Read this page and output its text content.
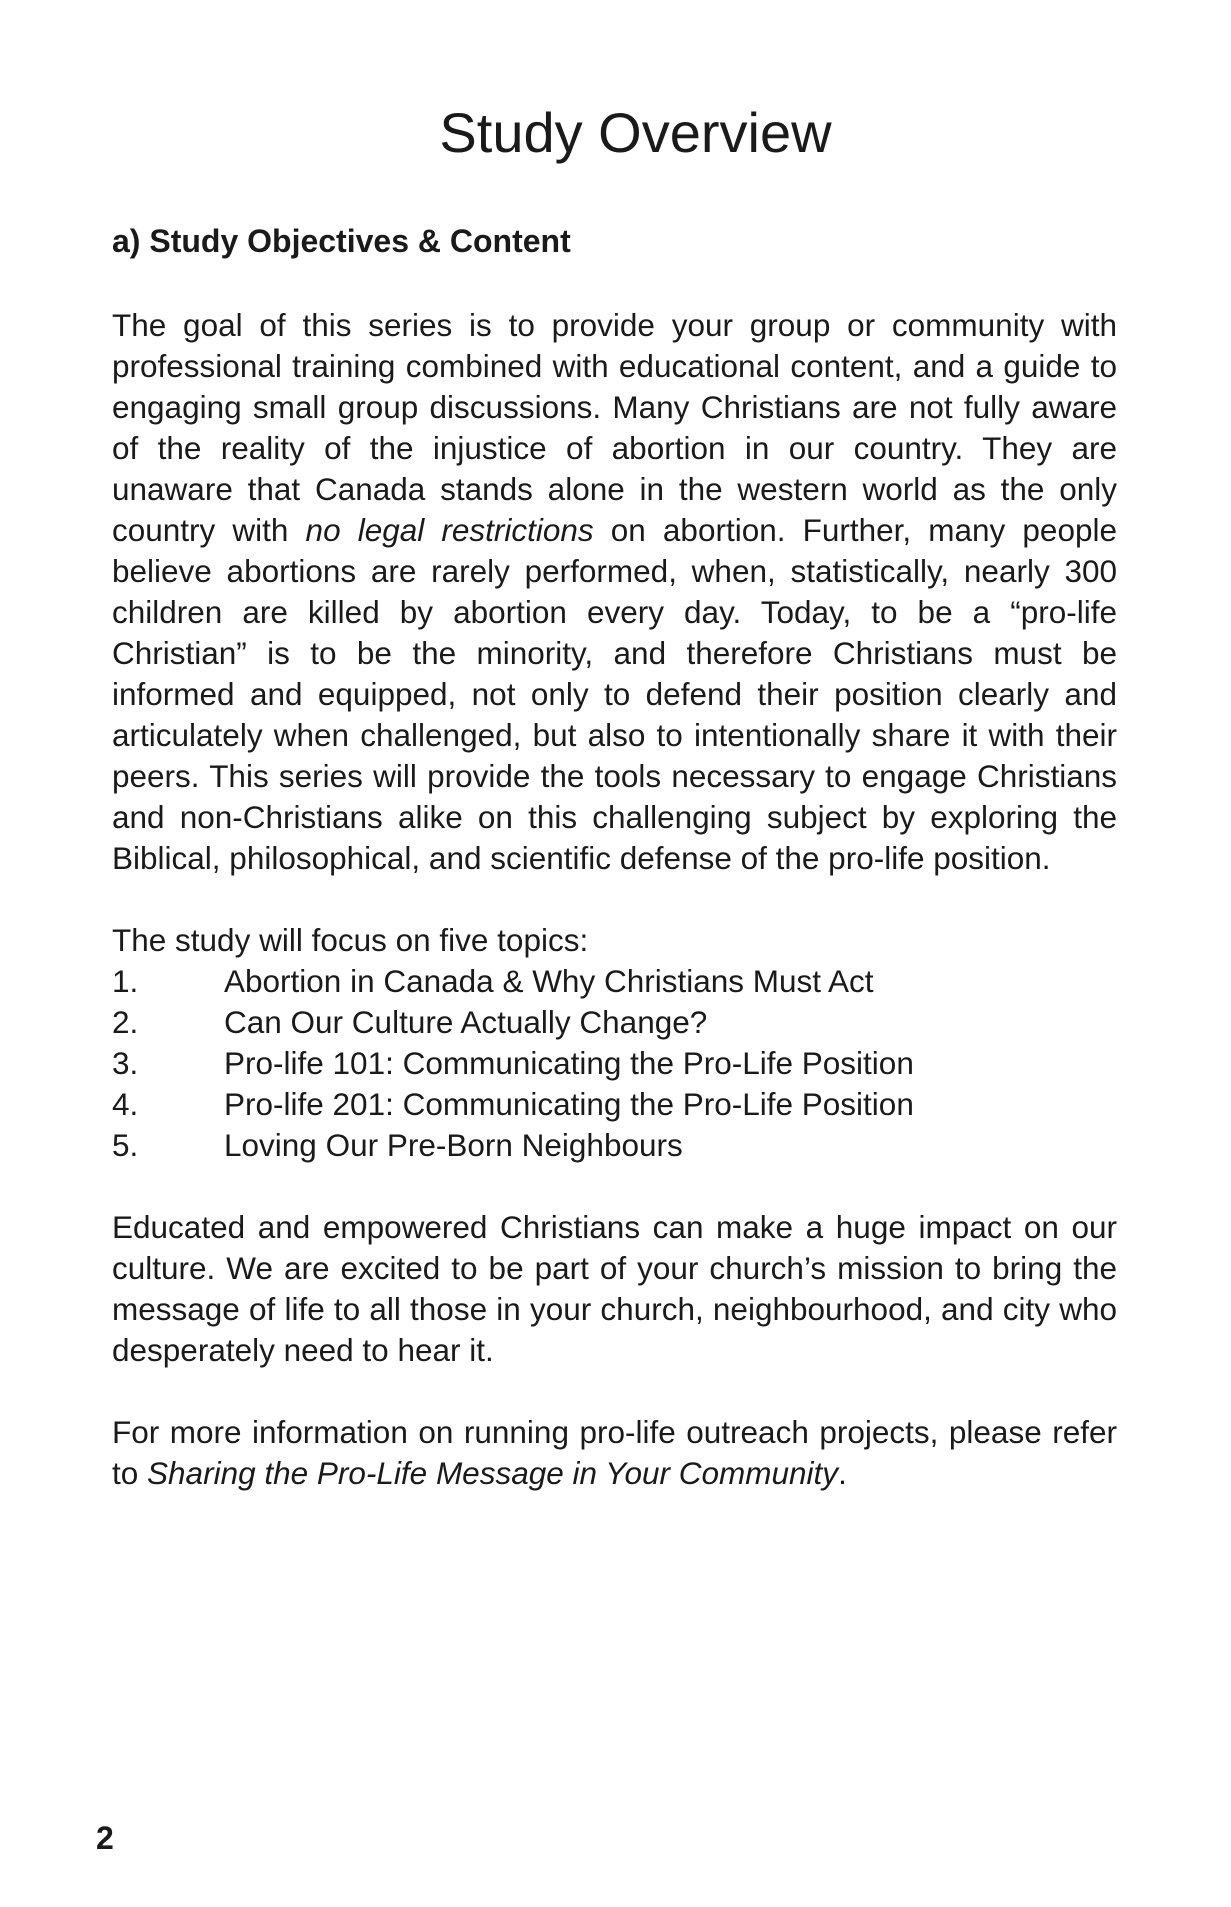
Study Overview
a) Study Objectives & Content

The goal of this series is to provide your group or community with professional training combined with educational content, and a guide to engaging small group discussions. Many Christians are not fully aware of the reality of the injustice of abortion in our country. They are unaware that Canada stands alone in the western world as the only country with no legal restrictions on abortion. Further, many people believe abortions are rarely performed, when, statistically, nearly 300 children are killed by abortion every day. Today, to be a “pro-life Christian” is to be the minority, and therefore Christians must be informed and equipped, not only to defend their position clearly and articulately when challenged, but also to intentionally share it with their peers. This series will provide the tools necessary to engage Christians and non-Christians alike on this challenging subject by exploring the Biblical, philosophical, and scientific defense of the pro-life position.

The study will focus on five topics:

1.	Abortion in Canada & Why Christians Must Act
2.	Can Our Culture Actually Change?
3.	Pro-life 101: Communicating the Pro-Life Position
4.	Pro-life 201: Communicating the Pro-Life Position
5.	Loving Our Pre-Born Neighbours

Educated and empowered Christians can make a huge impact on our culture. We are excited to be part of your church’s mission to bring the message of life to all those in your church, neighbourhood, and city who desperately need to hear it.

For more information on running pro-life outreach projects, please refer to Sharing the Pro-Life Message in Your Community.

2
